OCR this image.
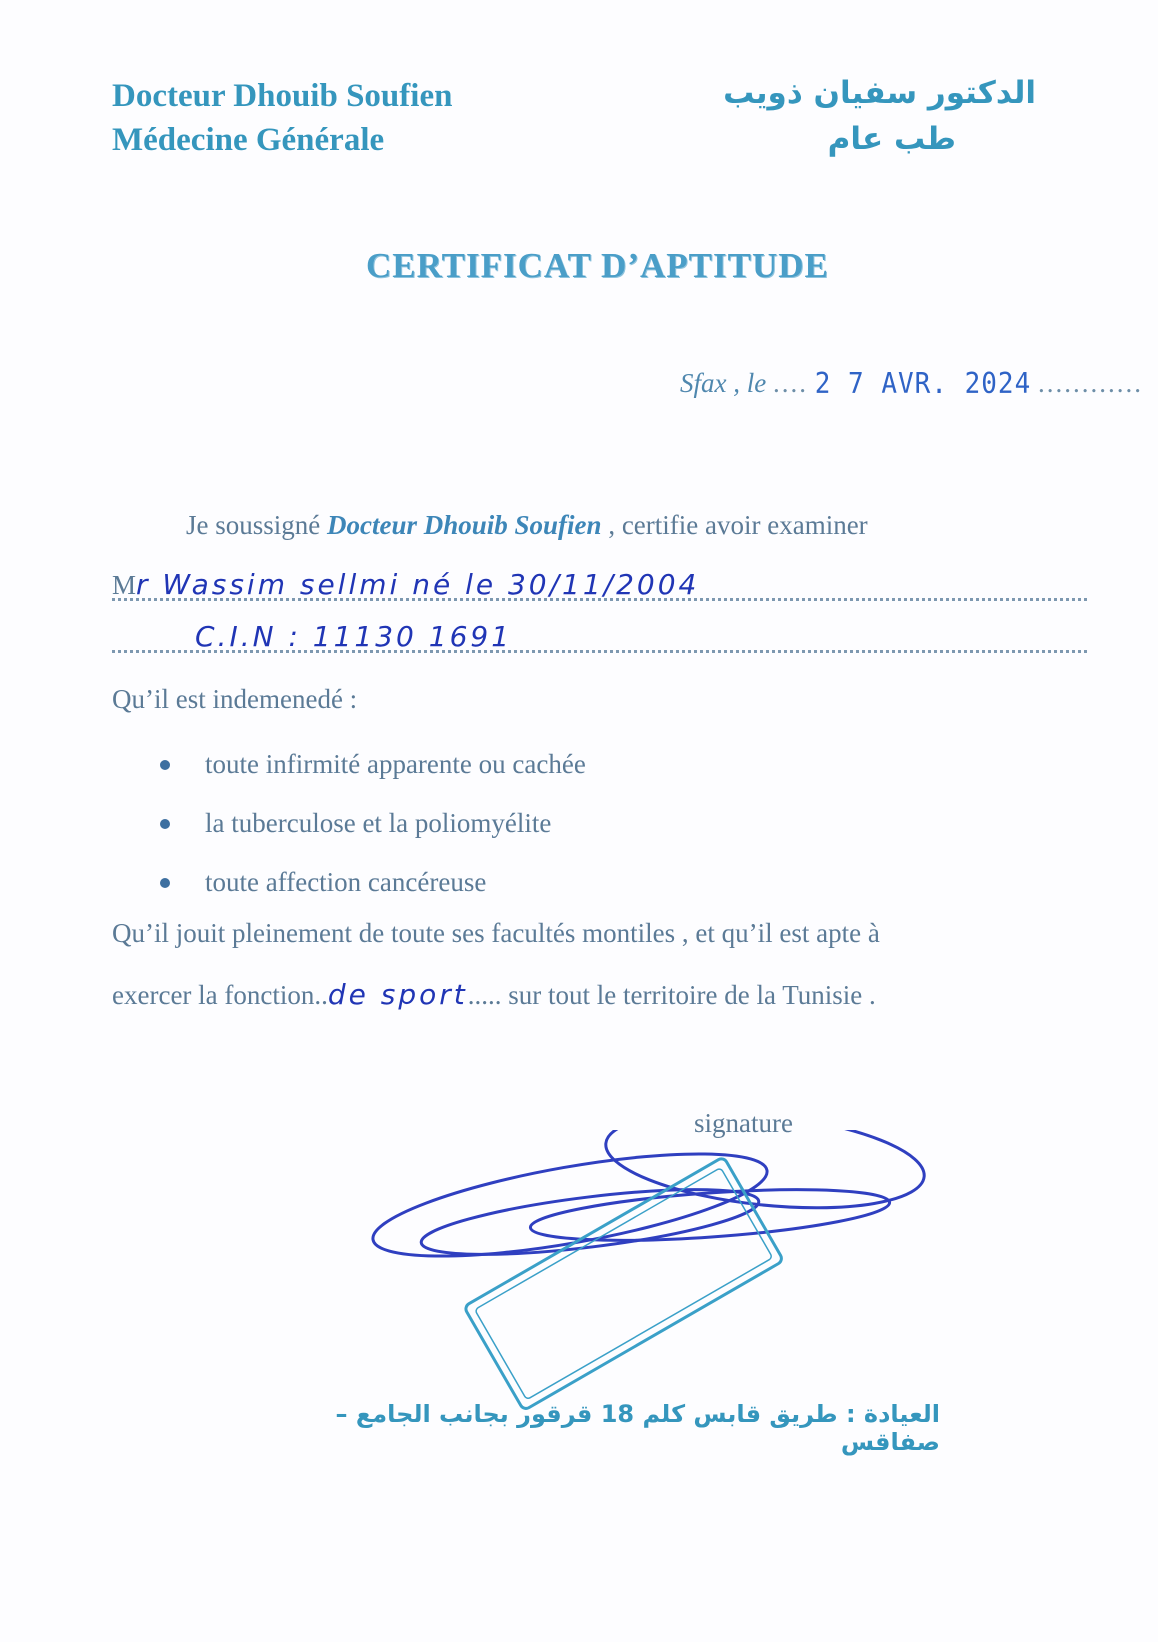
Docteur Dhouib Soufien
Médecine Générale
الدكتور سفيان ذويب
طب عام
CERTIFICAT D’APTITUDE
Sfax , le .... 2 7 AVR. 2024 ............
Je soussigné Docteur Dhouib Soufien , certifie avoir examiner
Mr Wassim sellmi né le 30/11/2004
C.I.N : 11130 1691
Qu’il est indemenedé :
toute infirmité apparente ou cachée
la tuberculose et la poliomyélite
toute affection cancéreuse
Qu’il jouit pleinement de toute ses facultés montiles , et qu’il est apte à
exercer la fonction..de sport..... sur tout le territoire de la Tunisie .
signature
العيادة : طريق قابس كلم 18 قرقور بجانب الجامع – صفاقس
